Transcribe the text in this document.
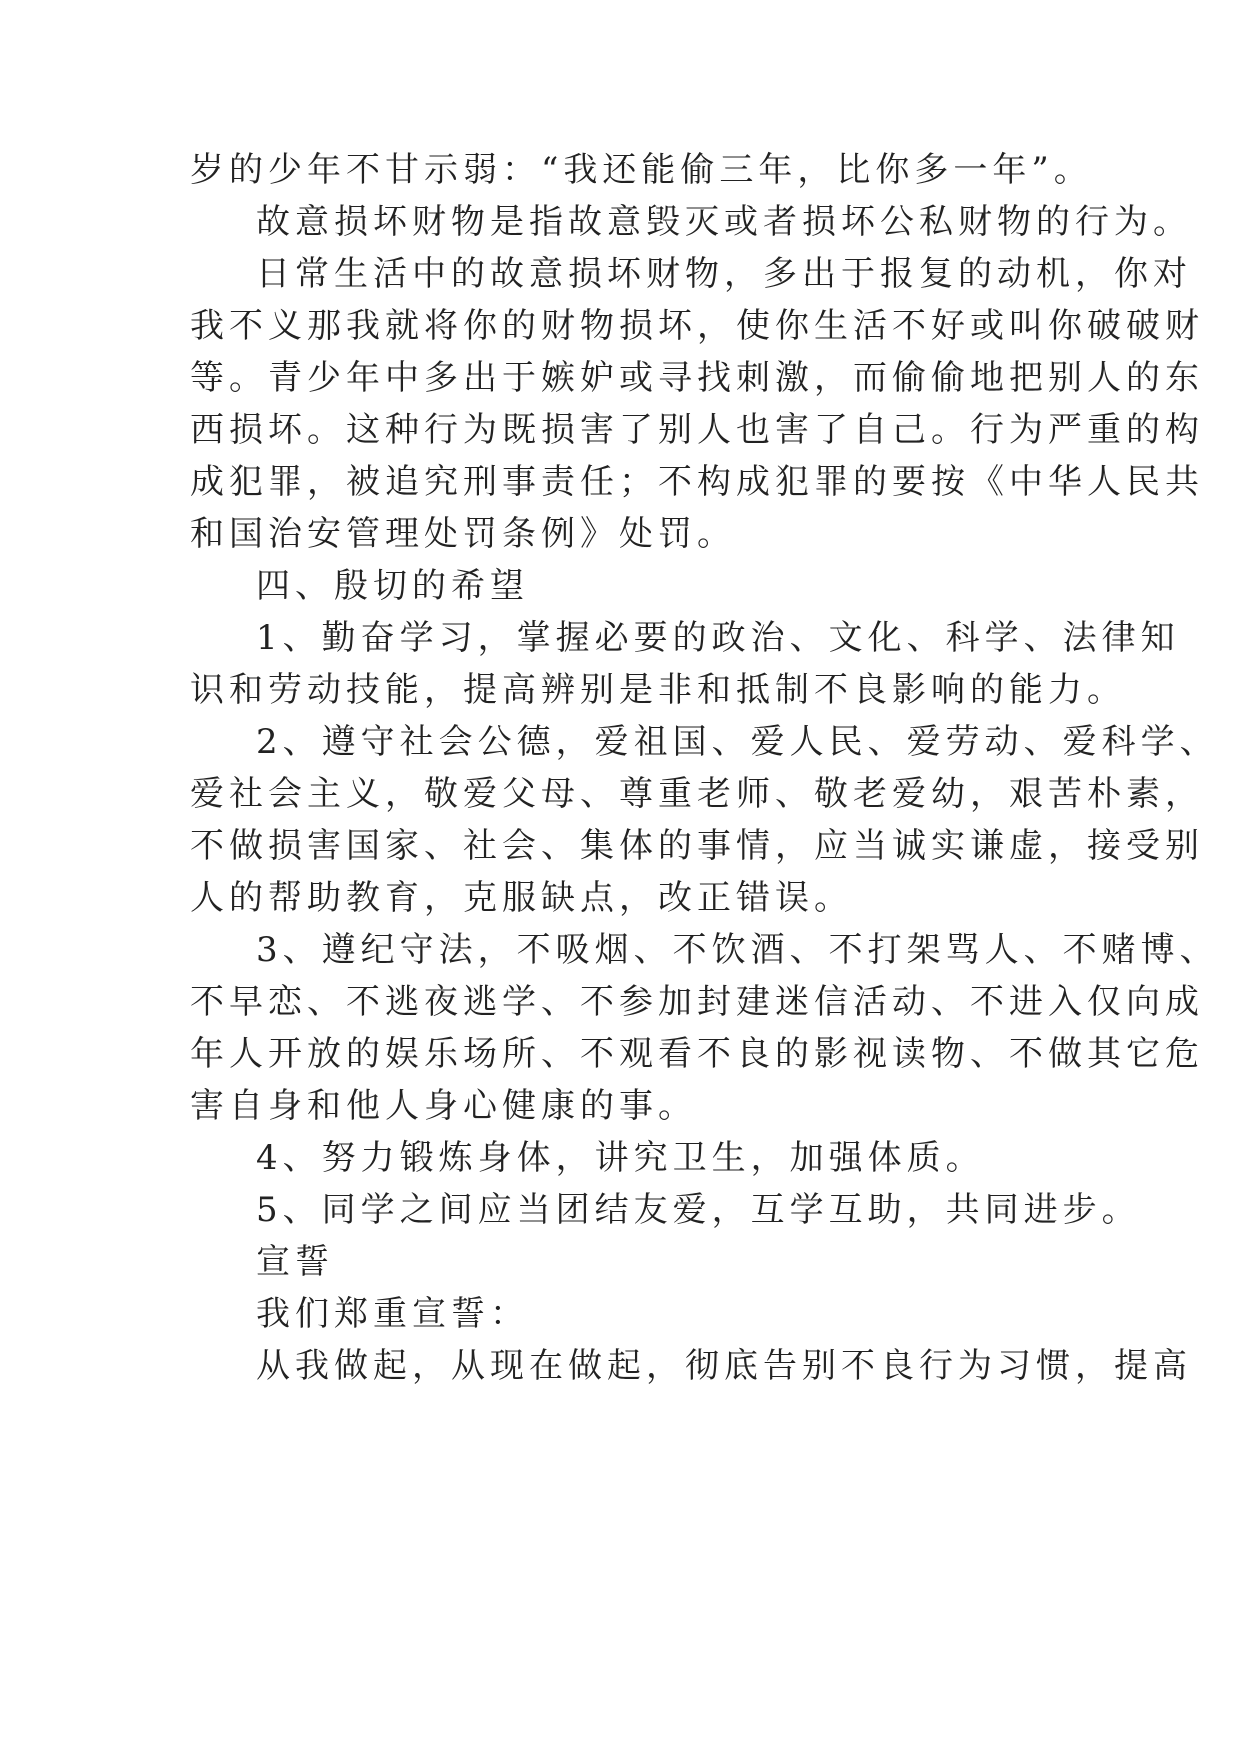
岁的少年不甘示弱：“我还能偷三年，比你多一年”。
故意损坏财物是指故意毁灭或者损坏公私财物的行为。
日常生活中的故意损坏财物，多出于报复的动机，你对
我不义那我就将你的财物损坏，使你生活不好或叫你破破财
等。青少年中多出于嫉妒或寻找刺激，而偷偷地把别人的东
西损坏。这种行为既损害了别人也害了自己。行为严重的构
成犯罪，被追究刑事责任；不构成犯罪的要按《中华人民共
和国治安管理处罚条例》处罚。
四、殷切的希望
1、勤奋学习，掌握必要的政治、文化、科学、法律知
识和劳动技能，提高辨别是非和抵制不良影响的能力。
2、遵守社会公德，爱祖国、爱人民、爱劳动、爱科学、
爱社会主义，敬爱父母、尊重老师、敬老爱幼，艰苦朴素，
不做损害国家、社会、集体的事情，应当诚实谦虚，接受别
人的帮助教育，克服缺点，改正错误。
3、遵纪守法，不吸烟、不饮酒、不打架骂人、不赌博、
不早恋、不逃夜逃学、不参加封建迷信活动、不进入仅向成
年人开放的娱乐场所、不观看不良的影视读物、不做其它危
害自身和他人身心健康的事。
4、努力锻炼身体，讲究卫生，加强体质。
5、同学之间应当团结友爱，互学互助，共同进步。
宣誓
我们郑重宣誓：
从我做起，从现在做起，彻底告别不良行为习惯，提高
